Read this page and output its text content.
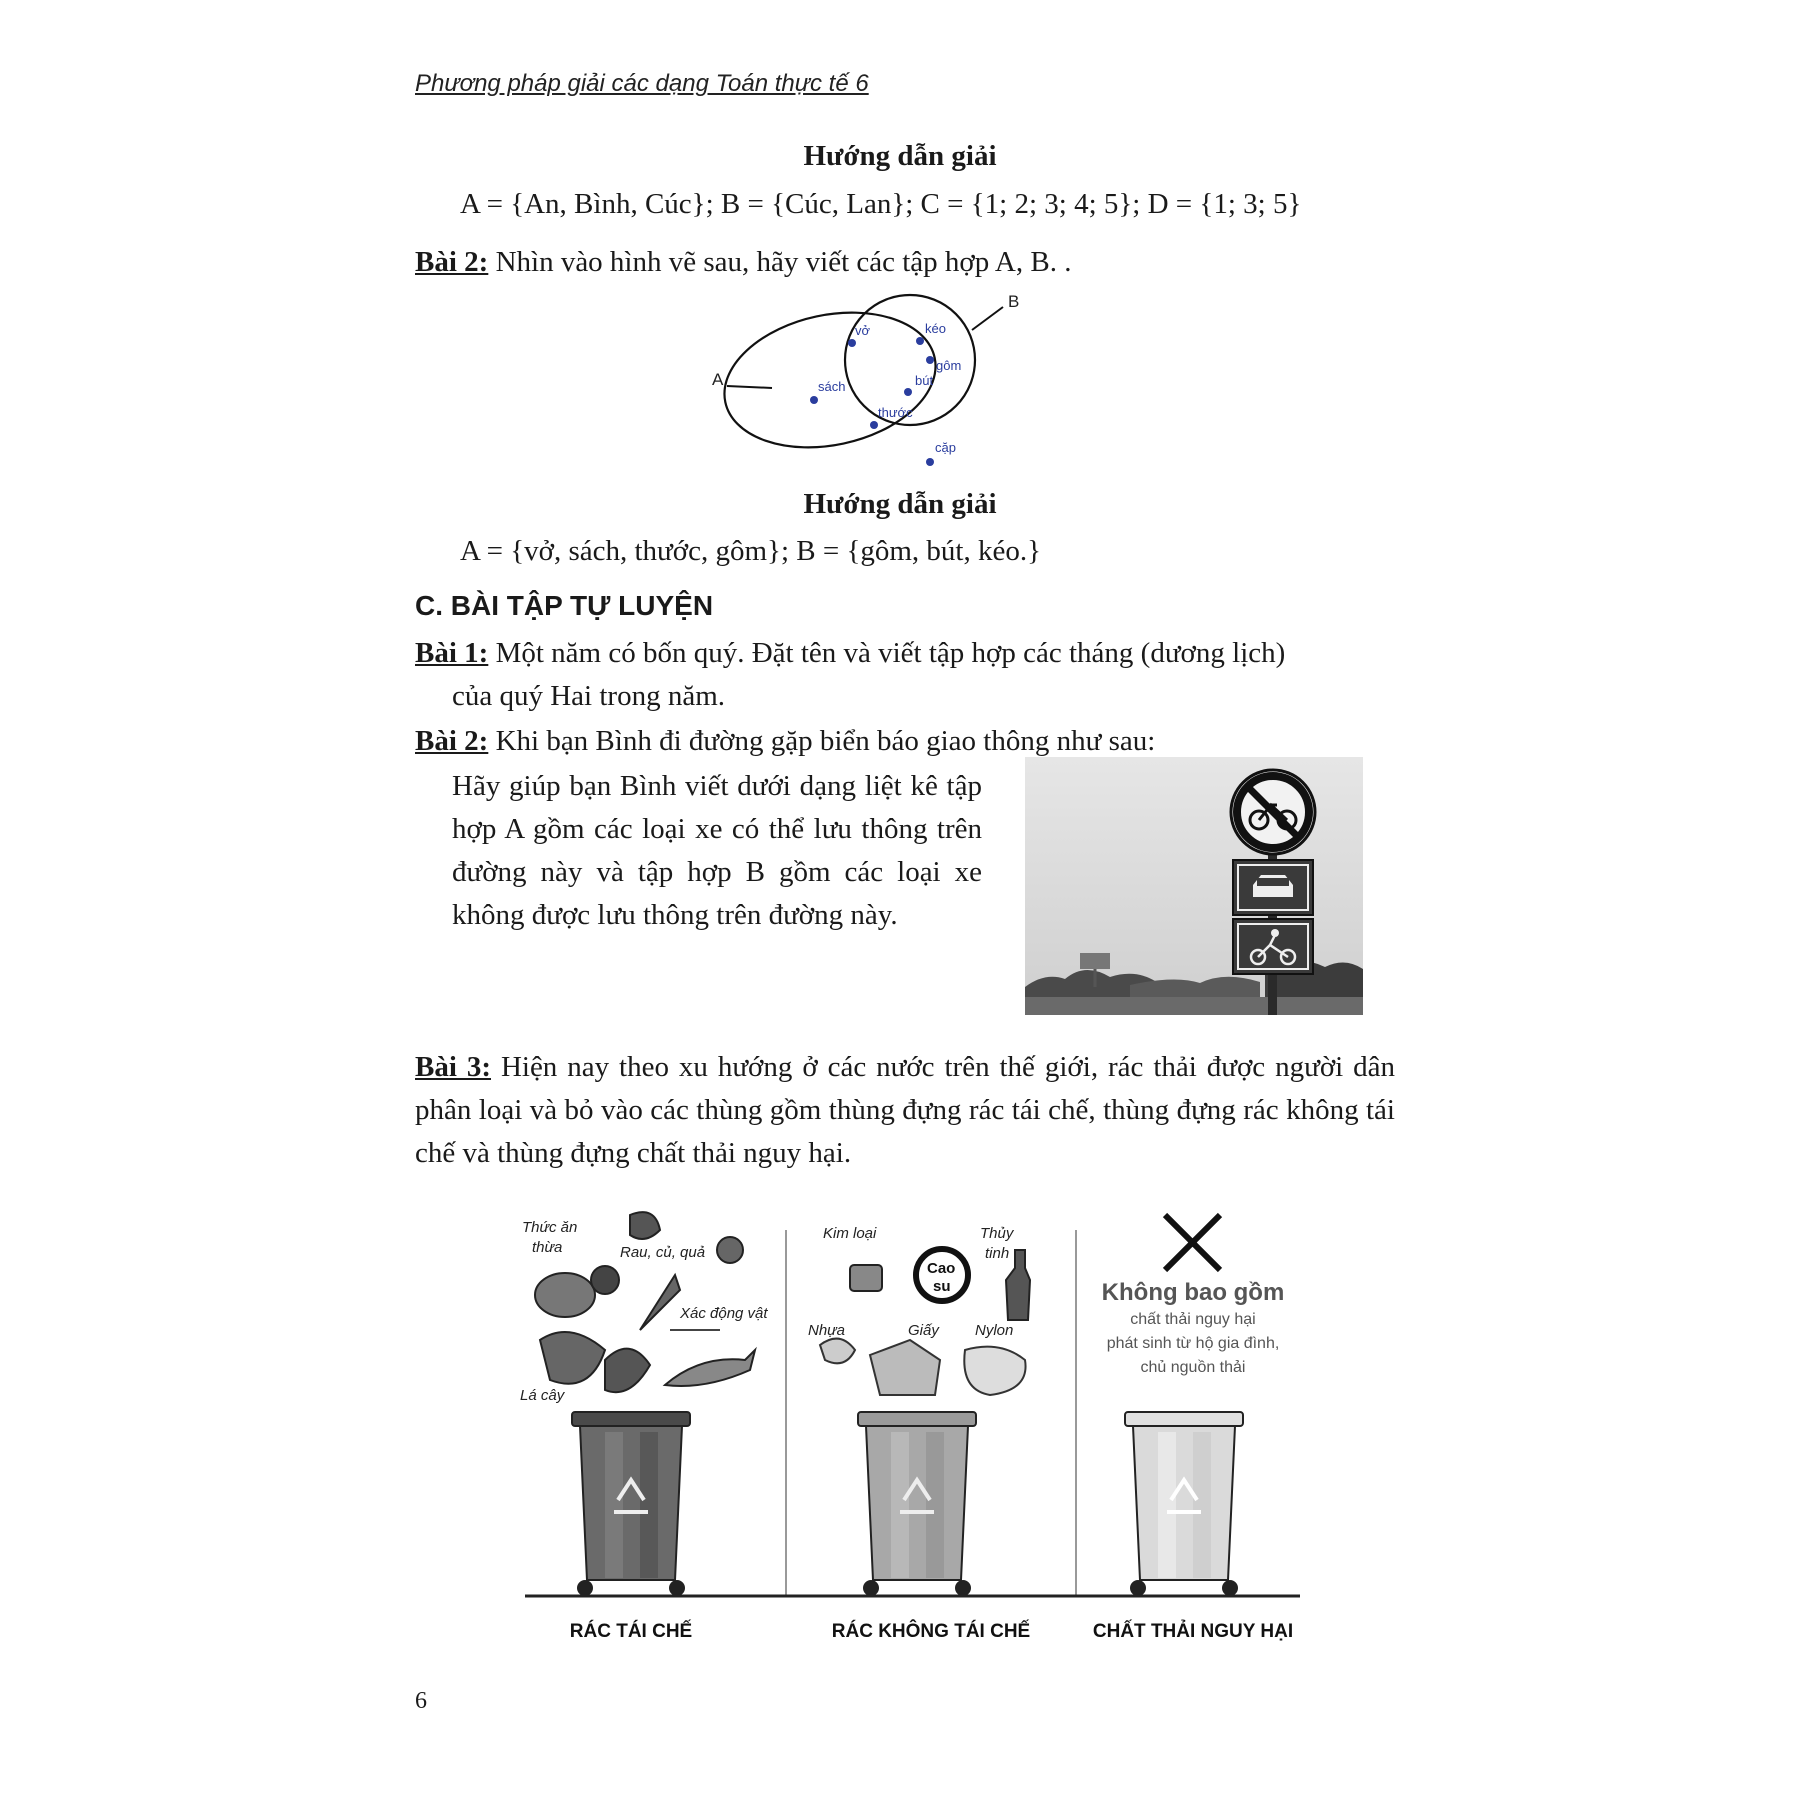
Phương pháp giải các dạng Toán thực tế 6
Hướng dẫn giải
A = {An, Bình, Cúc}; B = {Cúc, Lan}; C = {1; 2; 3; 4; 5}; D = {1; 3; 5}
Bài 2: Nhìn vào hình vẽ sau, hãy viết các tập hợp A, B. .
A
B
vở	kéo
gôm
sách	bút
thước
cặp
Hướng dẫn giải
A = {vở, sách, thước, gôm}; B = {gôm, bút, kéo.}
C. BÀI TẬP TỰ LUYỆN
Bài 1: Một năm có bốn quý. Đặt tên và viết tập hợp các tháng (dương lịch)
của quý Hai trong năm.
Bài 2: Khi bạn Bình đi đường gặp biển báo giao thông như sau:
Hãy giúp bạn Bình viết dưới dạng liệt kê tập hợp A gồm các loại xe có thể lưu thông trên đường này và tập hợp B gồm các loại xe không được lưu thông trên đường này.
Bài 3: Hiện nay theo xu hướng ở các nước trên thế giới, rác thải được người dân phân loại và bỏ vào các thùng gồm thùng đựng rác tái chế, thùng đựng rác không tái chế và thùng đựng chất thải nguy hại.
Thức ăn
thừa	Rau, củ, quả
Xác động vật
Lá cây
Kim loại
Cao
su
Thủy
tinh
Nhựa	Giấy Nylon
Không bao gồm
chất thải nguy hại
phát sinh từ hộ gia đình,
chủ nguồn thải
RÁC TÁI CHẾ	RÁC KHÔNG TÁI CHẾ	CHẤT THẢI NGUY HẠI
6
